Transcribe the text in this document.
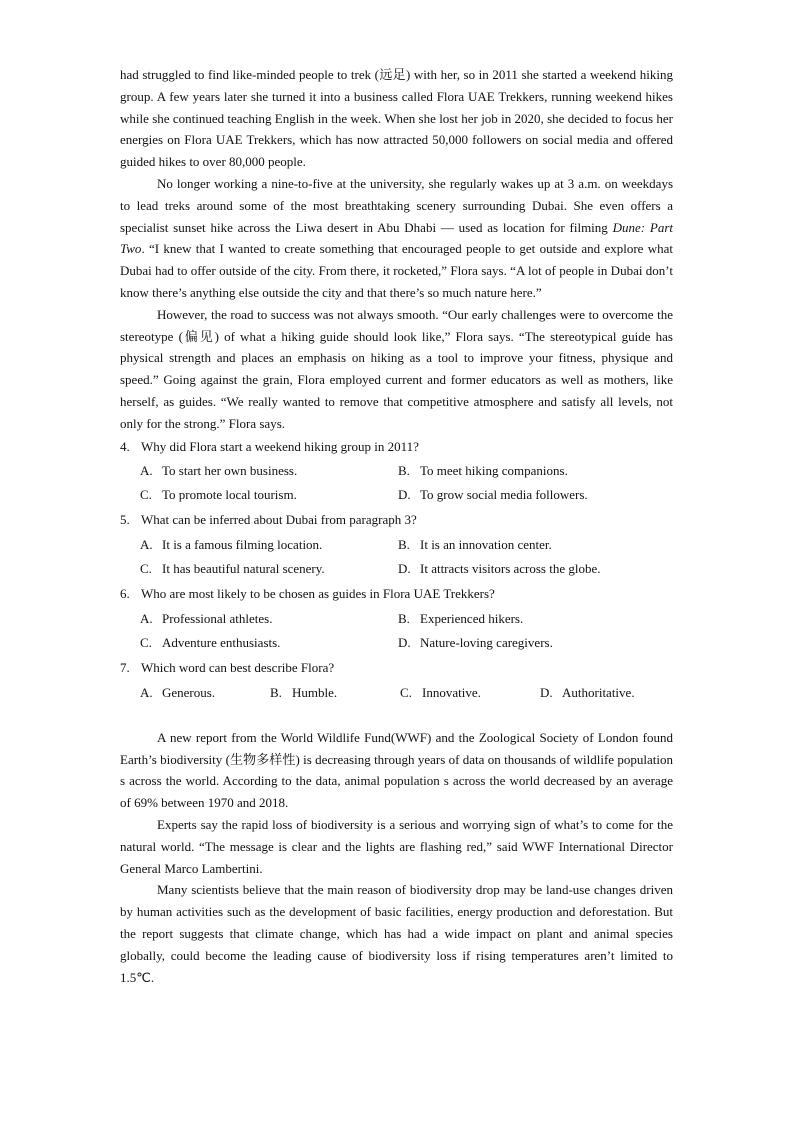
had struggled to find like-minded people to trek (远足) with her, so in 2011 she started a weekend hiking group. A few years later she turned it into a business called Flora UAE Trekkers, running weekend hikes while she continued teaching English in the week. When she lost her job in 2020, she decided to focus her energies on Flora UAE Trekkers, which has now attracted 50,000 followers on social media and offered guided hikes to over 80,000 people.

No longer working a nine-to-five at the university, she regularly wakes up at 3 a.m. on weekdays to lead treks around some of the most breathtaking scenery surrounding Dubai. She even offers a specialist sunset hike across the Liwa desert in Abu Dhabi — used as location for filming Dune: Part Two. “I knew that I wanted to create something that encouraged people to get outside and explore what Dubai had to offer outside of the city. From there, it rocketed,” Flora says. “A lot of people in Dubai don’t know there’s anything else outside the city and that there’s so much nature here.”

However, the road to success was not always smooth. “Our early challenges were to overcome the stereotype (偏见) of what a hiking guide should look like,” Flora says. “The stereotypical guide has physical strength and places an emphasis on hiking as a tool to improve your fitness, physique and speed.” Going against the grain, Flora employed current and former educators as well as mothers, like herself, as guides. “We really wanted to remove that competitive atmosphere and satisfy all levels, not only for the strong.” Flora says.

4. Why did Flora start a weekend hiking group in 2011?

A. To start her own business.	B. To meet hiking companions.
C. To promote local tourism.	D. To grow social media followers.

5. What can be inferred about Dubai from paragraph 3?

A. It is a famous filming location.	B. It is an innovation center.
C. It has beautiful natural scenery.	D. It attracts visitors across the globe.

6. Who are most likely to be chosen as guides in Flora UAE Trekkers?

A. Professional athletes.	B. Experienced hikers.
C. Adventure enthusiasts.	D. Nature-loving caregivers.

7. Which word can best describe Flora?

A. Generous.	B. Humble.	C. Innovative.	D. Authoritative.

A new report from the World Wildlife Fund(WWF) and the Zoological Society of London found Earth’s biodiversity (生物多样性) is decreasing through years of data on thousands of wildlife population s across the world. According to the data, animal population s across the world decreased by an average of 69% between 1970 and 2018.

Experts say the rapid loss of biodiversity is a serious and worrying sign of what’s to come for the natural world. “The message is clear and the lights are flashing red,” said WWF International Director General Marco Lambertini.

Many scientists believe that the main reason of biodiversity drop may be land-use changes driven by human activities such as the development of basic facilities, energy production and deforestation. But the report suggests that climate change, which has had a wide impact on plant and animal species globally, could become the leading cause of biodiversity loss if rising temperatures aren’t limited to 1.5℃.
